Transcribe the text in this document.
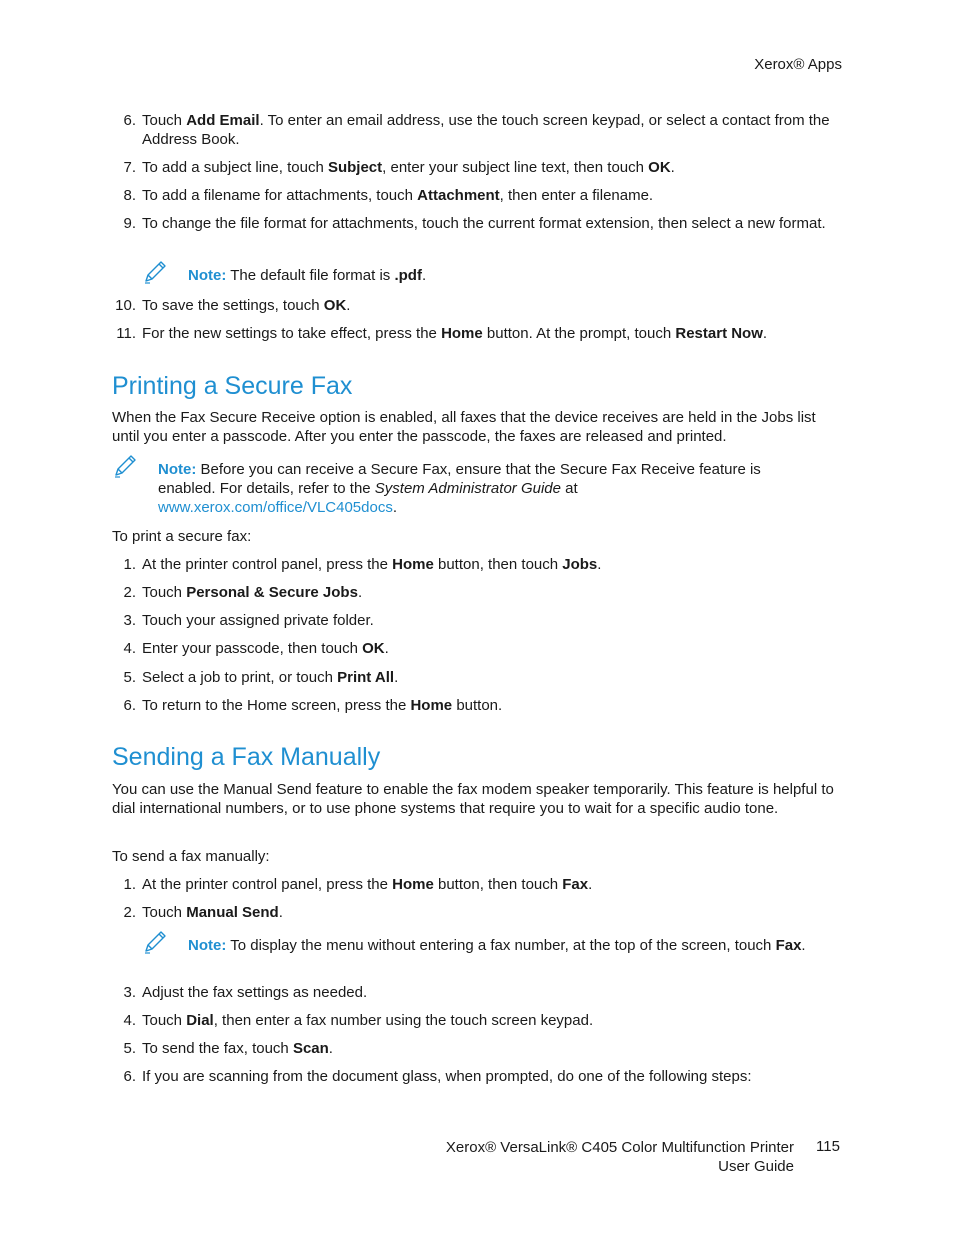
Xerox® Apps
6. Touch Add Email. To enter an email address, use the touch screen keypad, or select a contact from the Address Book.
7. To add a subject line, touch Subject, enter your subject line text, then touch OK.
8. To add a filename for attachments, touch Attachment, then enter a filename.
9. To change the file format for attachments, touch the current format extension, then select a new format.
Note: The default file format is .pdf.
10. To save the settings, touch OK.
11. For the new settings to take effect, press the Home button. At the prompt, touch Restart Now.
Printing a Secure Fax
When the Fax Secure Receive option is enabled, all faxes that the device receives are held in the Jobs list until you enter a passcode. After you enter the passcode, the faxes are released and printed.
Note: Before you can receive a Secure Fax, ensure that the Secure Fax Receive feature is enabled. For details, refer to the System Administrator Guide at www.xerox.com/office/VLC405docs.
To print a secure fax:
1. At the printer control panel, press the Home button, then touch Jobs.
2. Touch Personal & Secure Jobs.
3. Touch your assigned private folder.
4. Enter your passcode, then touch OK.
5. Select a job to print, or touch Print All.
6. To return to the Home screen, press the Home button.
Sending a Fax Manually
You can use the Manual Send feature to enable the fax modem speaker temporarily. This feature is helpful to dial international numbers, or to use phone systems that require you to wait for a specific audio tone.
To send a fax manually:
1. At the printer control panel, press the Home button, then touch Fax.
2. Touch Manual Send.
Note: To display the menu without entering a fax number, at the top of the screen, touch Fax.
3. Adjust the fax settings as needed.
4. Touch Dial, then enter a fax number using the touch screen keypad.
5. To send the fax, touch Scan.
6. If you are scanning from the document glass, when prompted, do one of the following steps:
Xerox® VersaLink® C405 Color Multifunction Printer
User Guide
115
